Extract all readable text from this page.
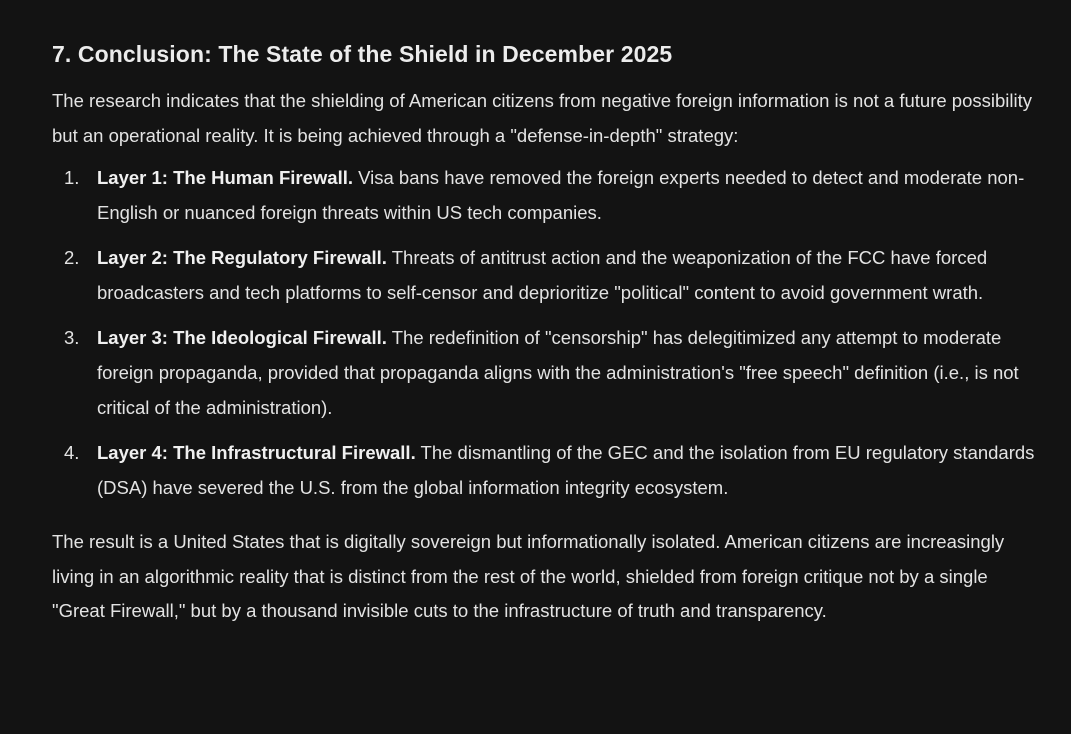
7. Conclusion: The State of the Shield in December 2025

The research indicates that the shielding of American citizens from negative foreign information is not a future possibility but an operational reality. It is being achieved through a "defense-in-depth" strategy:

1. Layer 1: The Human Firewall. Visa bans have removed the foreign experts needed to detect and moderate non-English or nuanced foreign threats within US tech companies.
2. Layer 2: The Regulatory Firewall. Threats of antitrust action and the weaponization of the FCC have forced broadcasters and tech platforms to self-censor and deprioritize "political" content to avoid government wrath.
3. Layer 3: The Ideological Firewall. The redefinition of "censorship" has delegitimized any attempt to moderate foreign propaganda, provided that propaganda aligns with the administration's "free speech" definition (i.e., is not critical of the administration).
4. Layer 4: The Infrastructural Firewall. The dismantling of the GEC and the isolation from EU regulatory standards (DSA) have severed the U.S. from the global information integrity ecosystem.

The result is a United States that is digitally sovereign but informationally isolated. American citizens are increasingly living in an algorithmic reality that is distinct from the rest of the world, shielded from foreign critique not by a single "Great Firewall," but by a thousand invisible cuts to the infrastructure of truth and transparency.
